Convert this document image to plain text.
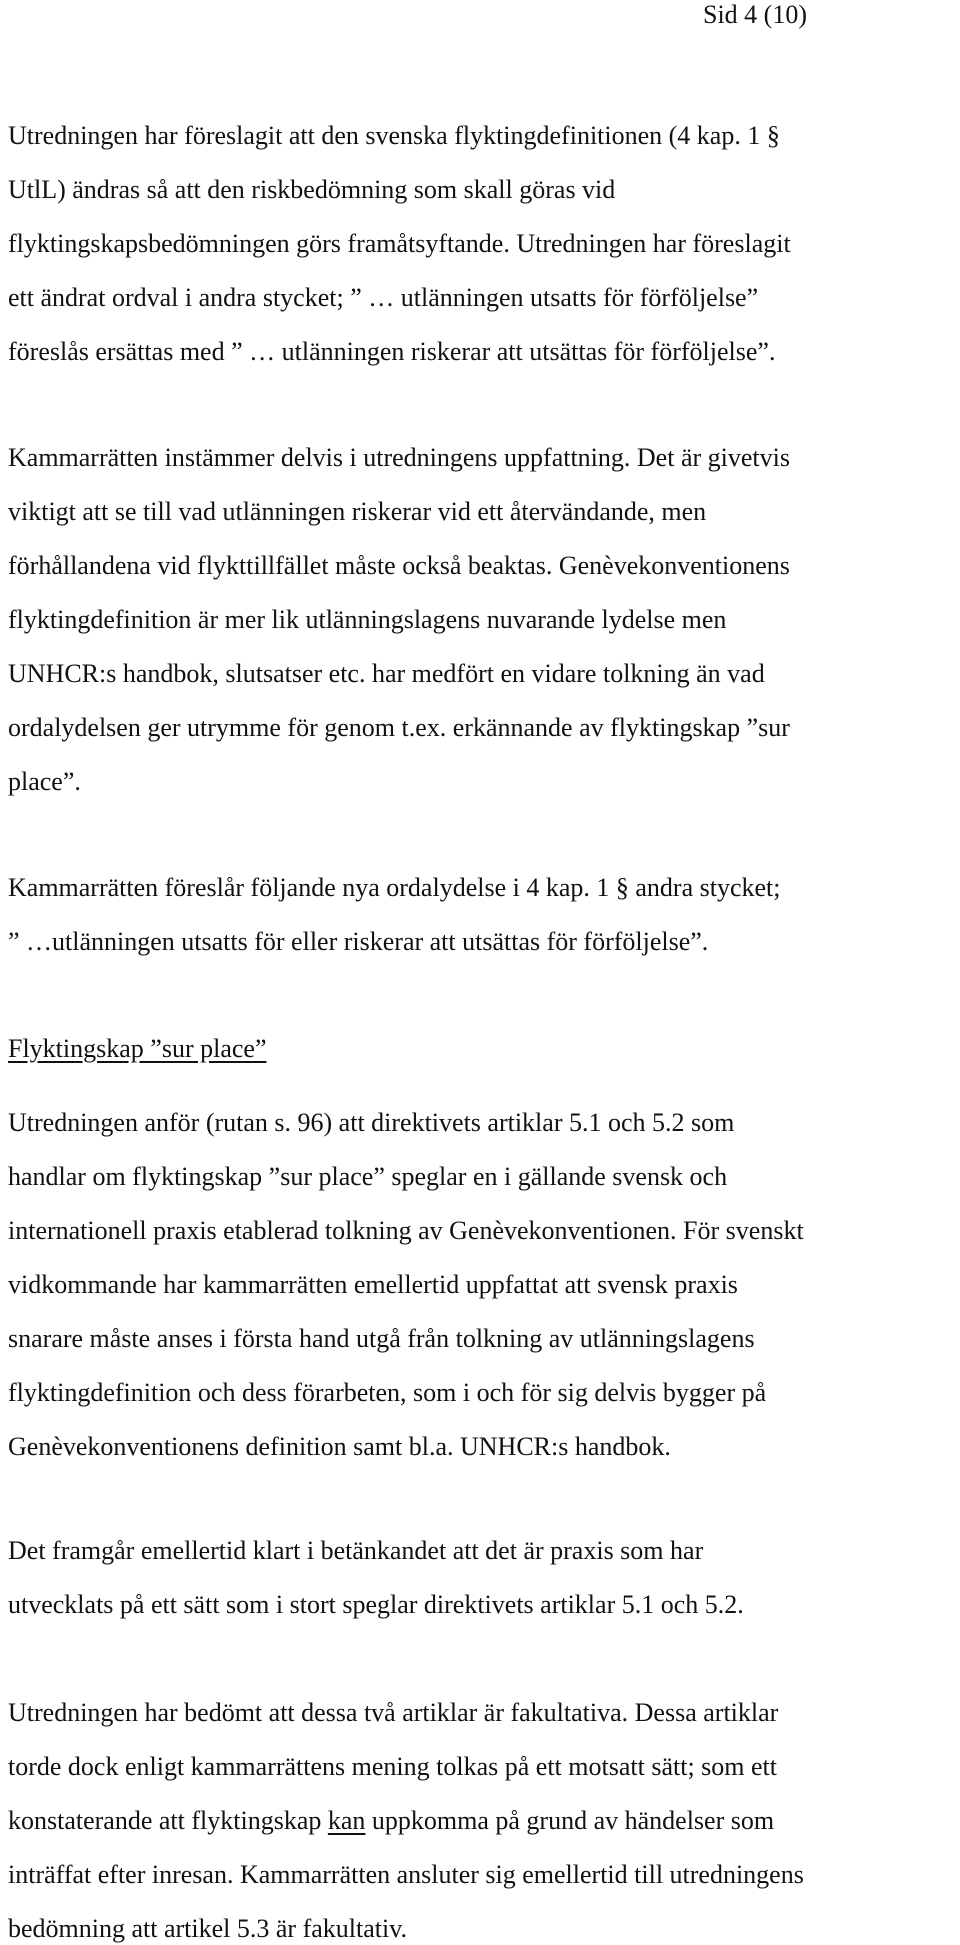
Sid 4 (10)
Utredningen har föreslagit att den svenska flyktingdefinitionen (4 kap. 1 §
UtlL) ändras så att den riskbedömning som skall göras vid
flyktingskapsbedömningen görs framåtsyftande. Utredningen har föreslagit
ett ändrat ordval i andra stycket; ” … utlänningen utsatts för förföljelse”
föreslås ersättas med ” … utlänningen riskerar att utsättas för förföljelse”.
Kammarrätten instämmer delvis i utredningens uppfattning. Det är givetvis
viktigt att se till vad utlänningen riskerar vid ett återvändande, men
förhållandena vid flykttillfället måste också beaktas. Genèvekonventionens
flyktingdefinition är mer lik utlänningslagens nuvarande lydelse men
UNHCR:s handbok, slutsatser etc. har medfört en vidare tolkning än vad
ordalydelsen ger utrymme för genom t.ex. erkännande av flyktingskap ”sur
place”.
Kammarrätten föreslår följande nya ordalydelse i 4 kap. 1 § andra stycket;
” …utlänningen utsatts för eller riskerar att utsättas för förföljelse”.
Flyktingskap ”sur place”
Utredningen anför (rutan s. 96) att direktivets artiklar 5.1 och 5.2 som
handlar om flyktingskap ”sur place” speglar en i gällande svensk och
internationell praxis etablerad tolkning av Genèvekonventionen. För svenskt
vidkommande har kammarrätten emellertid uppfattat att svensk praxis
snarare måste anses i första hand utgå från tolkning av utlänningslagens
flyktingdefinition och dess förarbeten, som i och för sig delvis bygger på
Genèvekonventionens definition samt bl.a. UNHCR:s handbok.
Det framgår emellertid klart i betänkandet att det är praxis som har
utvecklats på ett sätt som i stort speglar direktivets artiklar 5.1 och 5.2.
Utredningen har bedömt att dessa två artiklar är fakultativa. Dessa artiklar
torde dock enligt kammarrättens mening tolkas på ett motsatt sätt; som ett
konstaterande att flyktingskap kan uppkomma på grund av händelser som
inträffat efter inresan. Kammarrätten ansluter sig emellertid till utredningens
bedömning att artikel 5.3 är fakultativ.
